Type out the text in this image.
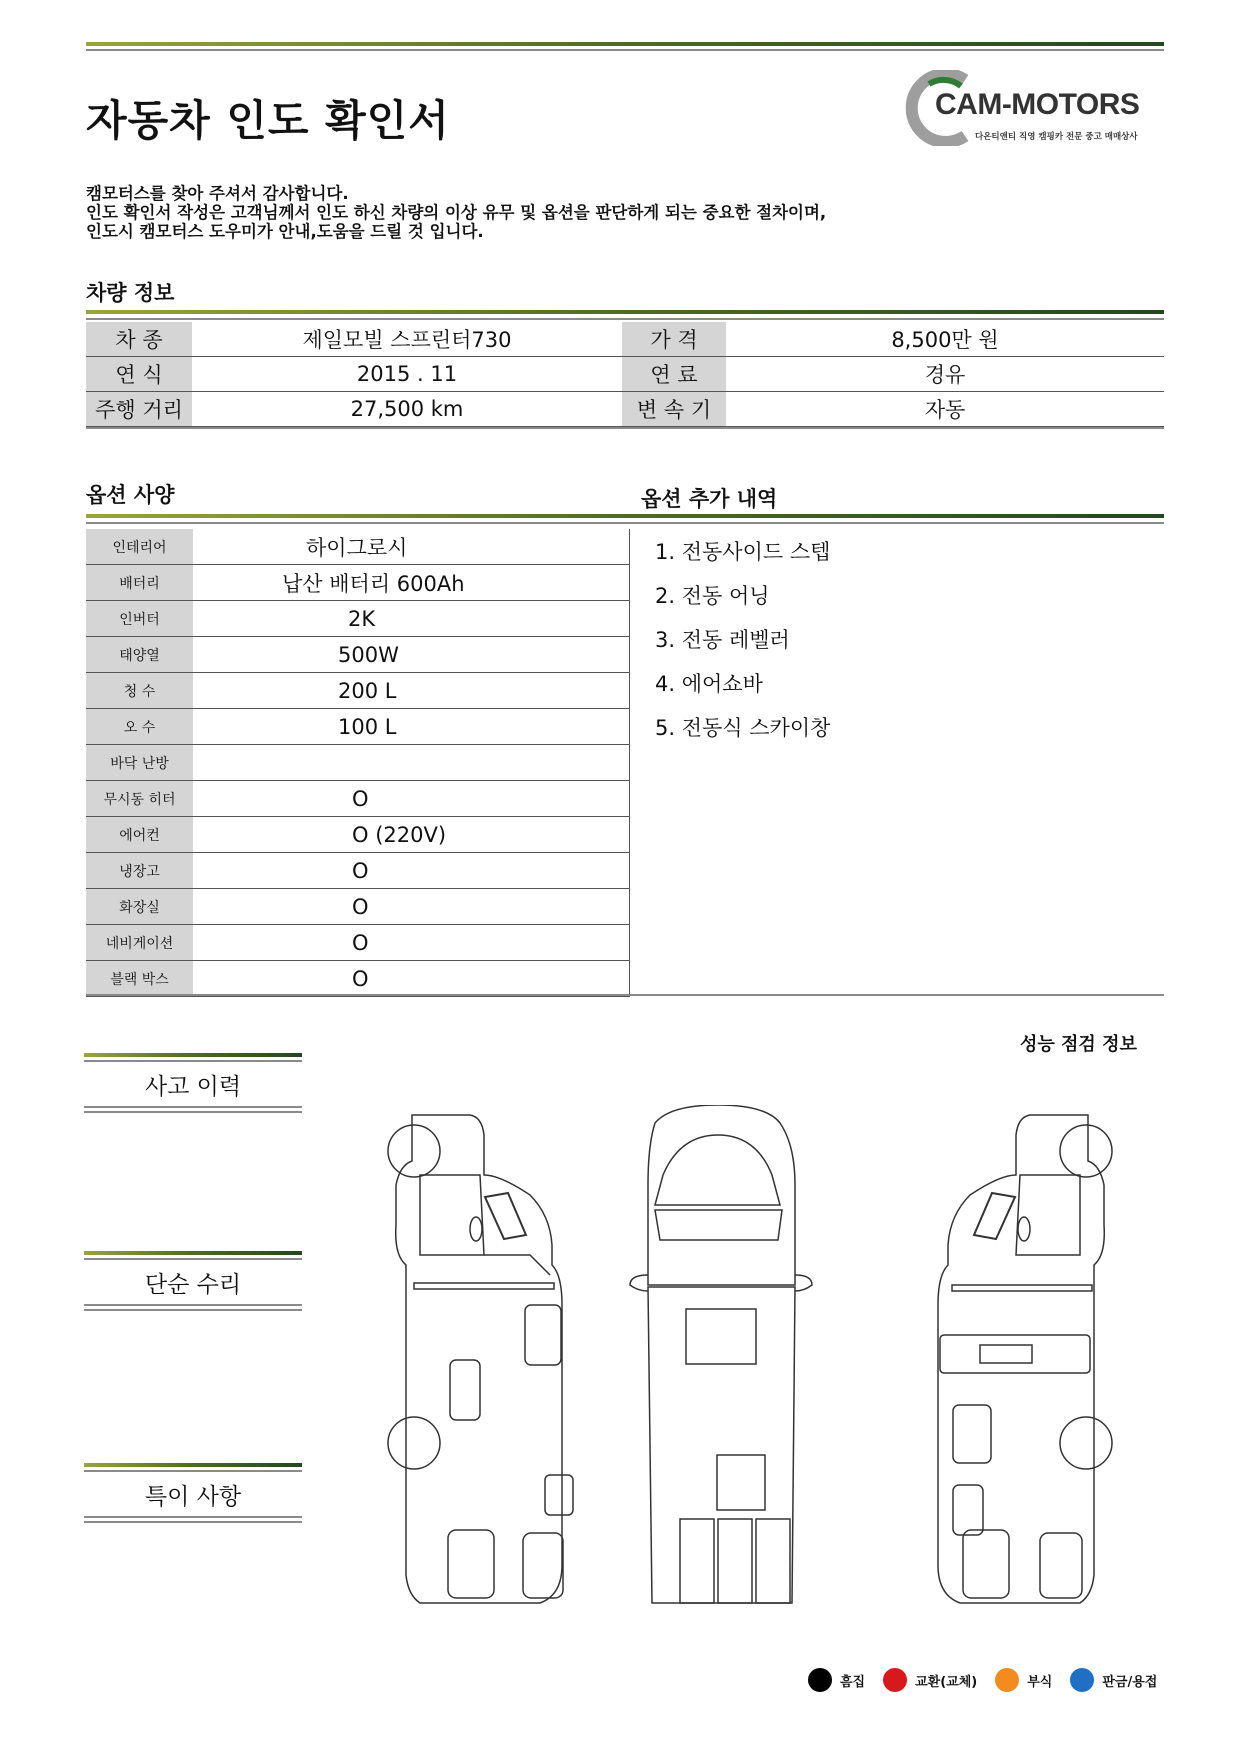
자동차 인도 확인서	CAM-MOTORS
다온티앤티 직영 캠핑카 전문 중고 매매상사
캠모터스를 찾아 주셔서 감사합니다.
인도 확인서 작성은 고객님께서 인도 하신 차량의 이상 유무 및 옵션을 판단하게 되는 중요한 절차이며,
인도시 캠모터스 도우미가 안내,도움을 드릴 것 입니다.
차량 정보
차 종	제일모빌 스프린터730	가 격	8,500만 원
연 식	2015 . 11	연 료	경유
주행 거리	27,500 km	변 속 기	자동
옵션 사양	옵션 추가 내역
인테리어	하이그로시
배터리	납산 배터리 600Ah
인버터	2K
태양열	500W
청 수	200 L
오 수	100 L
바닥 난방	
무시동 히터	O
에어컨	O (220V)
냉장고	O
화장실	O
네비게이션	O
블랙 박스	O
1. 전동사이드 스텝
2. 전동 어닝
3. 전동 레벨러
4. 에어쇼바
5. 전동식 스카이창
성능 점검 정보
사고 이력
단순 수리
특이 사항
흠집	교환(교체)	부식	판금/용접
